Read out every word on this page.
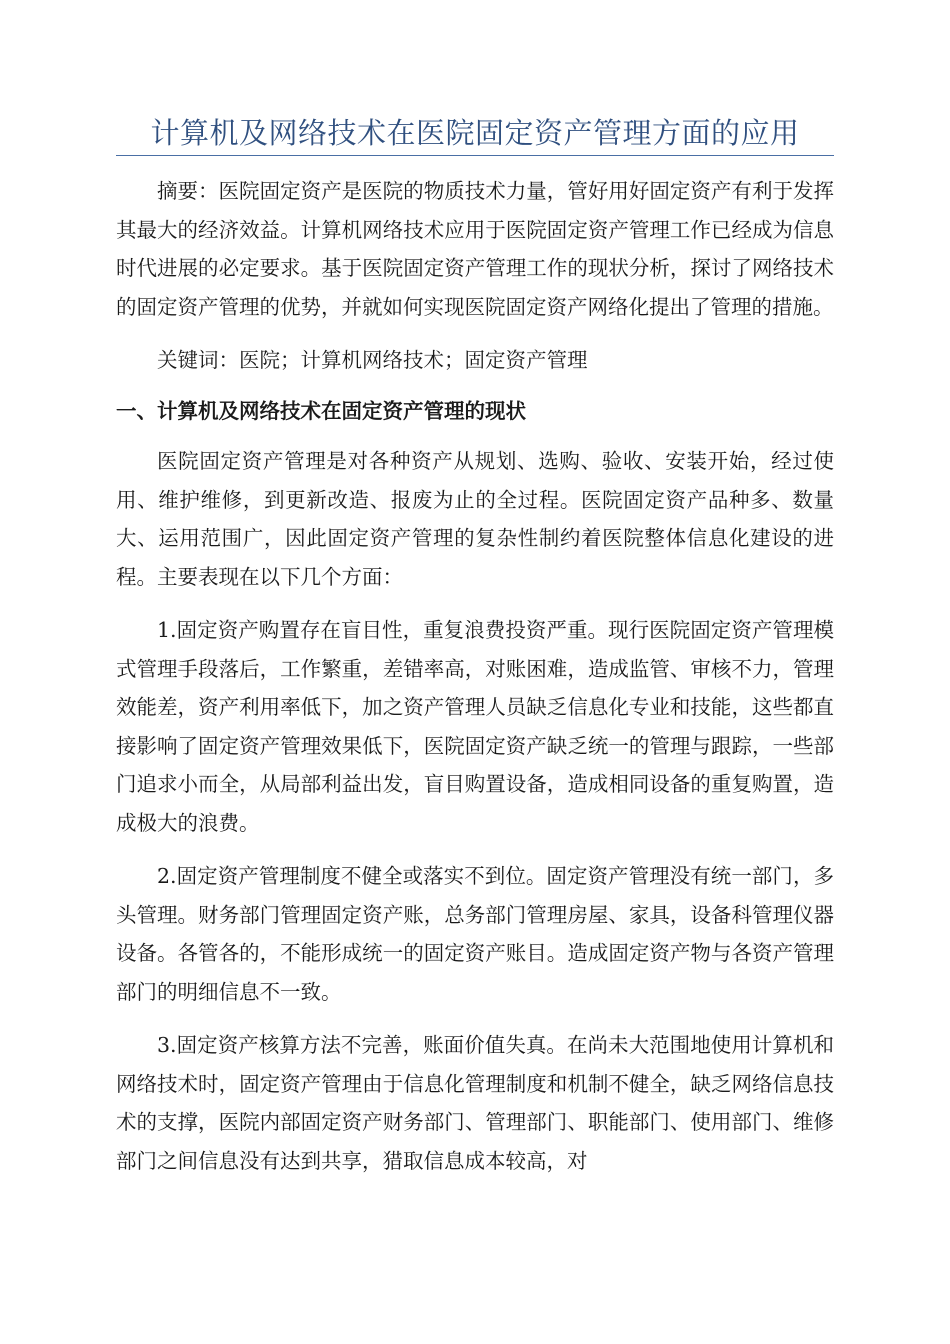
计算机及网络技术在医院固定资产管理方面的应用

摘要：医院固定资产是医院的物质技术力量，管好用好固定资产有利于发挥其最大的经济效益。计算机网络技术应用于医院固定资产管理工作已经成为信息时代进展的必定要求。基于医院固定资产管理工作的现状分析，探讨了网络技术的固定资产管理的优势，并就如何实现医院固定资产网络化提出了管理的措施。

关键词：医院；计算机网络技术；固定资产管理

一、计算机及网络技术在固定资产管理的现状

医院固定资产管理是对各种资产从规划、选购、验收、安装开始，经过使用、维护维修，到更新改造、报废为止的全过程。医院固定资产品种多、数量大、运用范围广，因此固定资产管理的复杂性制约着医院整体信息化建设的进程。主要表现在以下几个方面：

1.固定资产购置存在盲目性，重复浪费投资严重。现行医院固定资产管理模式管理手段落后，工作繁重，差错率高，对账困难，造成监管、审核不力，管理效能差，资产利用率低下，加之资产管理人员缺乏信息化专业和技能，这些都直接影响了固定资产管理效果低下，医院固定资产缺乏统一的管理与跟踪，一些部门追求小而全，从局部利益出发，盲目购置设备，造成相同设备的重复购置，造成极大的浪费。

2.固定资产管理制度不健全或落实不到位。固定资产管理没有统一部门，多头管理。财务部门管理固定资产账，总务部门管理房屋、家具，设备科管理仪器设备。各管各的，不能形成统一的固定资产账目。造成固定资产物与各资产管理部门的明细信息不一致。

3.固定资产核算方法不完善，账面价值失真。在尚未大范围地使用计算机和网络技术时，固定资产管理由于信息化管理制度和机制不健全，缺乏网络信息技术的支撑，医院内部固定资产财务部门、管理部门、职能部门、使用部门、维修部门之间信息没有达到共享，猎取信息成本较高，对
